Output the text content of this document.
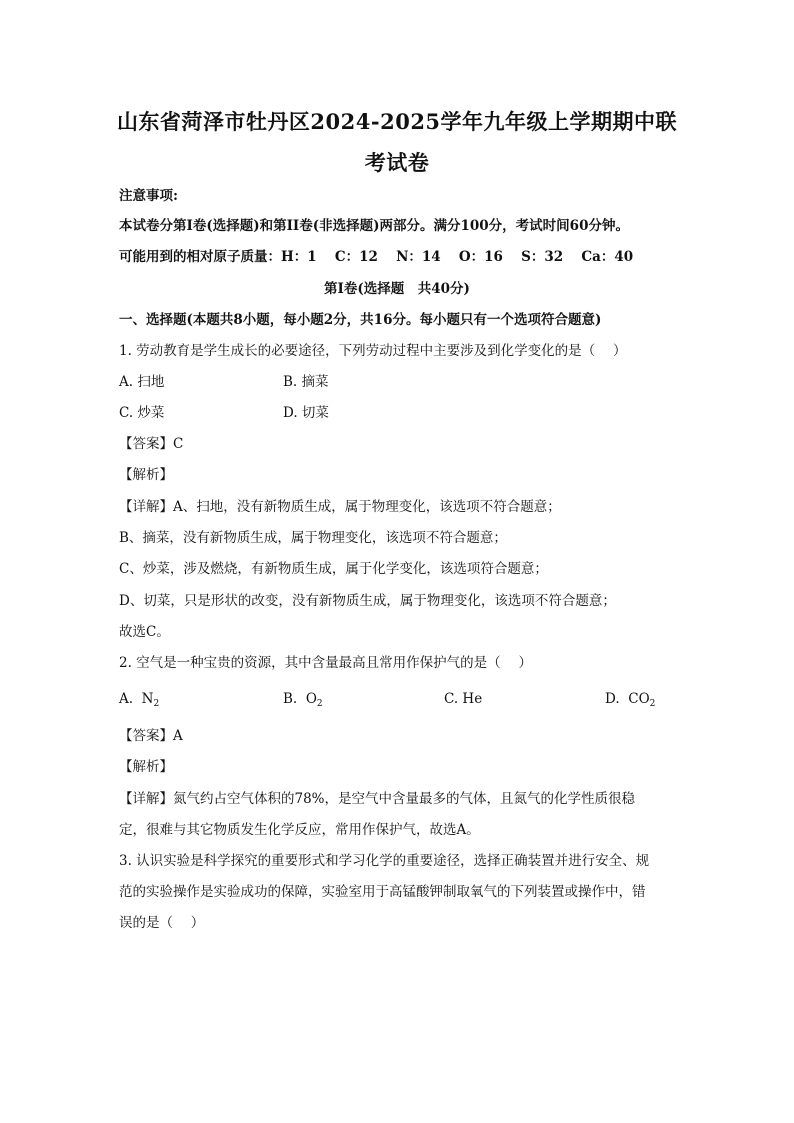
山东省菏泽市牡丹区2024-2025学年九年级上学期期中联
考试卷
注意事项:
本试卷分第I卷(选择题)和第II卷(非选择题)两部分。满分100分，考试时间60分钟。
可能用到的相对原子质量：H：1　 C：12　 N：14　 O：16　 S：32　 Ca：40
第I卷(选择题　共40分)
一、选择题(本题共8小题，每小题2分，共16分。每小题只有一个选项符合题意)
1. 劳动教育是学生成长的必要途径，下列劳动过程中主要涉及到化学变化的是（　 ）
A. 扫地	B. 摘菜
C. 炒菜	D. 切菜
【答案】C
【解析】
【详解】A、扫地，没有新物质生成，属于物理变化，该选项不符合题意；
B、摘菜，没有新物质生成，属于物理变化，该选项不符合题意；
C、炒菜，涉及燃烧，有新物质生成，属于化学变化，该选项符合题意；
D、切菜，只是形状的改变，没有新物质生成，属于物理变化，该选项不符合题意；
故选C。
2. 空气是一种宝贵的资源，其中含量最高且常用作保护气的是（　 ）
A. $N_2$	B. $O_2$	C. He	D. $CO_2$
【答案】A
【解析】
【详解】氮气约占空气体积的78%，是空气中含量最多的气体，且氮气的化学性质很稳
定，很难与其它物质发生化学反应，常用作保护气，故选A。
3. 认识实验是科学探究的重要形式和学习化学的重要途径，选择正确装置并进行安全、规
范的实验操作是实验成功的保障，实验室用于高锰酸钾制取氧气的下列装置或操作中，错
误的是（　 ）
